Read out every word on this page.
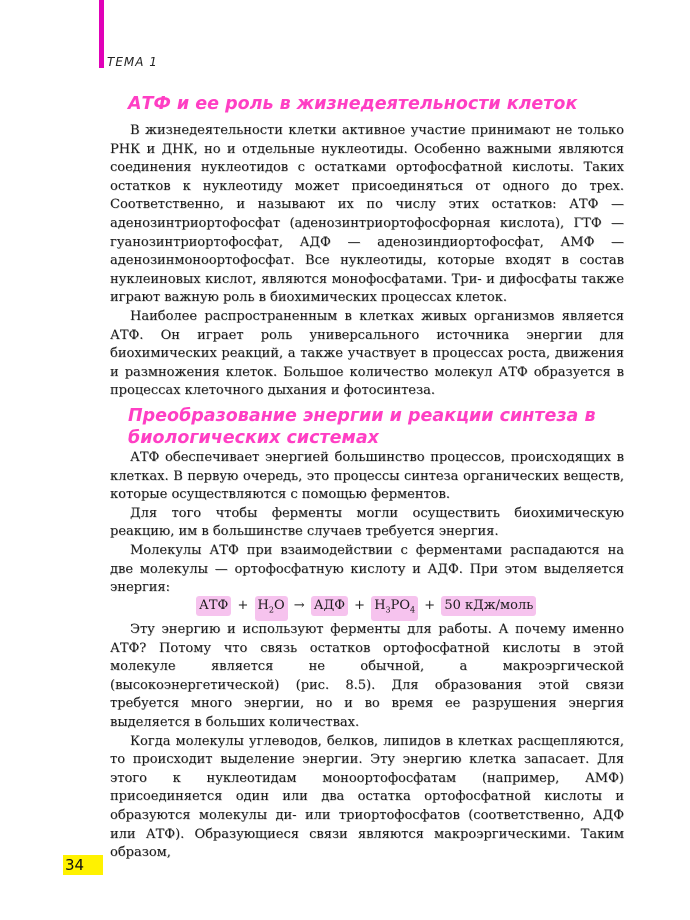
ТЕМА 1
АТФ и ее роль в жизнедеятельности клеток

В жизнедеятельности клетки активное участие принимают не только РНК и ДНК, но и отдельные нуклеотиды. Особенно важными являются соединения нуклеотидов с остатками ортофосфатной кислоты. Таких остатков к нуклеотиду может присоединяться от одного до трех. Соответственно, и называют их по числу этих остатков: АТФ — аденозинтриортофосфат (аденозинтриортофосфорная кислота), ГТФ — гуанозинтриортофосфат, АДФ — аденозиндиортофосфат, АМФ — аденозинмоноортофосфат. Все нуклеотиды, которые входят в состав нуклеиновых кислот, являются монофосфатами. Три- и дифосфаты также играют важную роль в биохимических процессах клеток.

Наиболее распространенным в клетках живых организмов является АТФ. Он играет роль универсального источника энергии для биохимических реакций, а также участвует в процессах роста, движения и размножения клеток. Большое количество молекул АТФ образуется в процессах клеточного дыхания и фотосинтеза.

Преобразование энергии и реакции синтеза в биологических системах

АТФ обеспечивает энергией большинство процессов, происходящих в клетках. В первую очередь, это процессы синтеза органических веществ, которые осуществляются с помощью ферментов.

Для того чтобы ферменты могли осуществить биохимическую реакцию, им в большинстве случаев требуется энергия.

Молекулы АТФ при взаимодействии с ферментами распадаются на две молекулы — ортофосфатную кислоту и АДФ. При этом выделяется энергия:

АТФ + $H_2O$ → АДФ + $H_3PO_4 + 50$ кДж/моль

Эту энергию и используют ферменты для работы. А почему именно АТФ? Потому что связь остатков ортофосфатной кислоты в этой молекуле является не обычной, а макроэргической (высокоэнергетической) (рис. 8.5). Для образования этой связи требуется много энергии, но и во время ее разрушения энергия выделяется в больших количествах.

Когда молекулы углеводов, белков, липидов в клетках расщепляются, то происходит выделение энергии. Эту энергию клетка запасает. Для этого к нуклеотидам моноортофосфатам (например, АМФ) присоединяется один или два остатка ортофосфатной кислоты и образуются молекулы ди- или триортофосфатов (соответственно, АДФ или АТФ). Образующиеся связи являются макроэргическими. Таким образом,

34
